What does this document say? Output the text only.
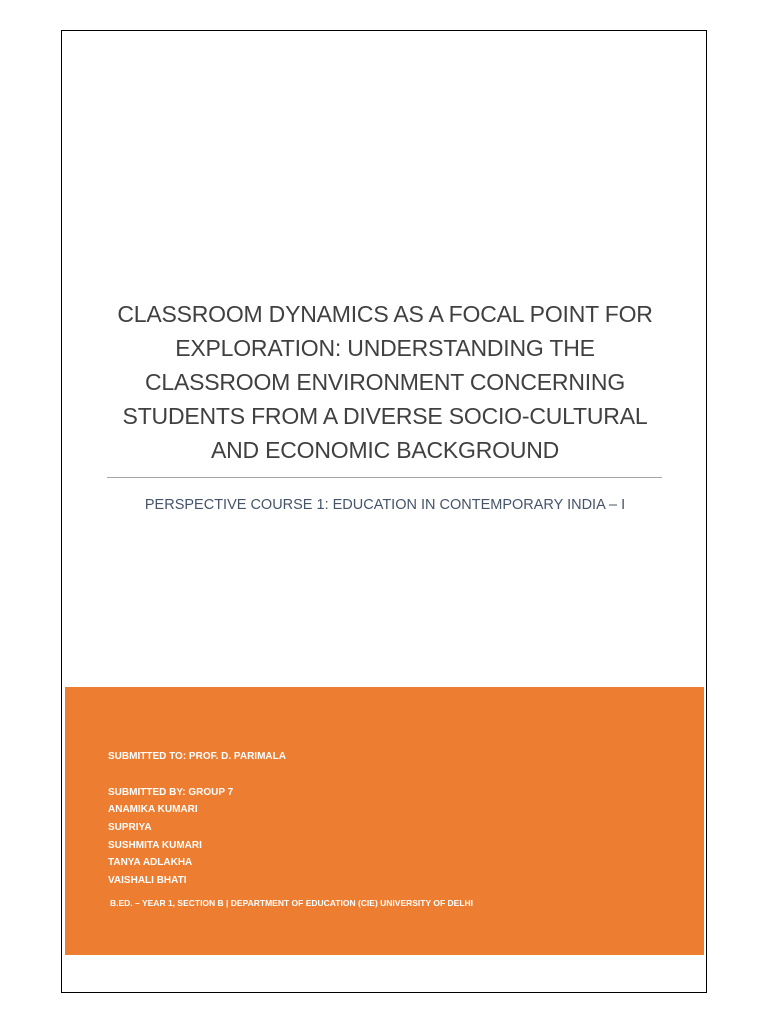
CLASSROOM DYNAMICS AS A FOCAL POINT FOR
EXPLORATION: UNDERSTANDING THE
CLASSROOM ENVIRONMENT CONCERNING
STUDENTS FROM A DIVERSE SOCIO-CULTURAL
AND ECONOMIC BACKGROUND
PERSPECTIVE COURSE 1: EDUCATION IN CONTEMPORARY INDIA – I
SUBMITTED TO: PROF. D. PARIMALA
SUBMITTED BY: GROUP 7
ANAMIKA KUMARI
SUPRIYA
SUSHMITA KUMARI
TANYA ADLAKHA
VAISHALI BHATI
B.ED. – YEAR 1, SECTION B | DEPARTMENT OF EDUCATION (CIE) UNIVERSITY OF DELHI
